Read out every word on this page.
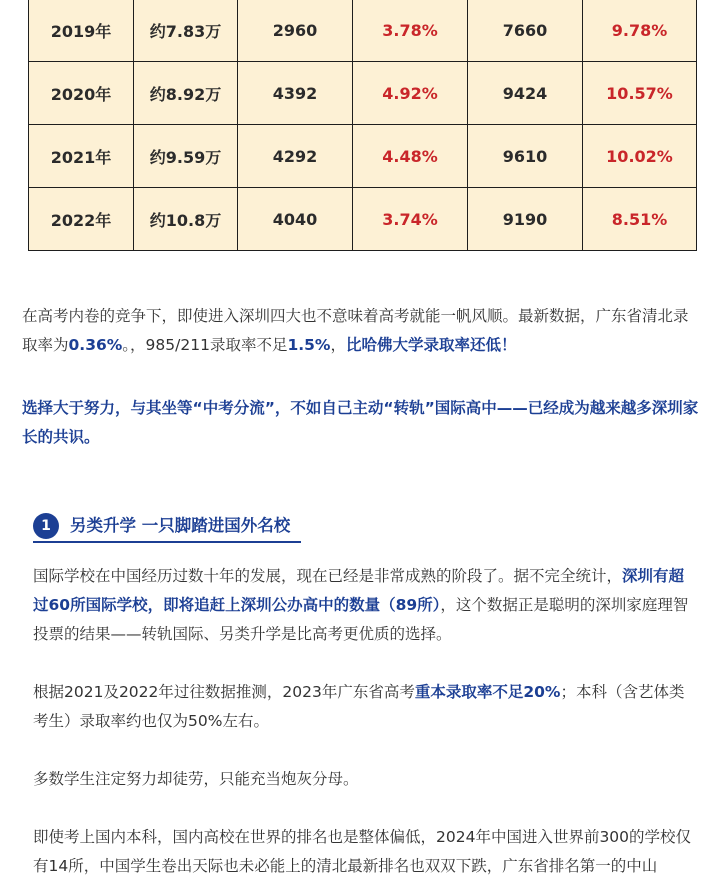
2019年	约7.83万	2960	3.78%	7660	9.78%
2020年	约8.92万	4392	4.92%	9424	10.57%
2021年	约9.59万	4292	4.48%	9610	10.02%
2022年	约10.8万	4040	3.74%	9190	8.51%

在高考内卷的竞争下，即使进入深圳四大也不意味着高考就能一帆风顺。最新数据，广东省清北录取率为0.36%。，985/211录取率不足1.5%，比哈佛大学录取率还低！

选择大于努力，与其坐等“中考分流”，不如自己主动“转轨”国际高中——已经成为越来越多深圳家长的共识。

1	另类升学 一只脚踏进国外名校

国际学校在中国经历过数十年的发展，现在已经是非常成熟的阶段了。据不完全统计，深圳有超过60所国际学校，即将追赶上深圳公办高中的数量（89所），这个数据正是聪明的深圳家庭理智投票的结果——转轨国际、另类升学是比高考更优质的选择。

根据2021及2022年过往数据推测，2023年广东省高考重本录取率不足20%；本科（含艺体类考生）录取率约也仅为50%左右。

多数学生注定努力却徒劳，只能充当炮灰分母。

即使考上国内本科，国内高校在世界的排名也是整体偏低，2024年中国进入世界前300的学校仅有14所，中国学生卷出天际也未必能上的清北最新排名也双双下跌，广东省排名第一的中山
